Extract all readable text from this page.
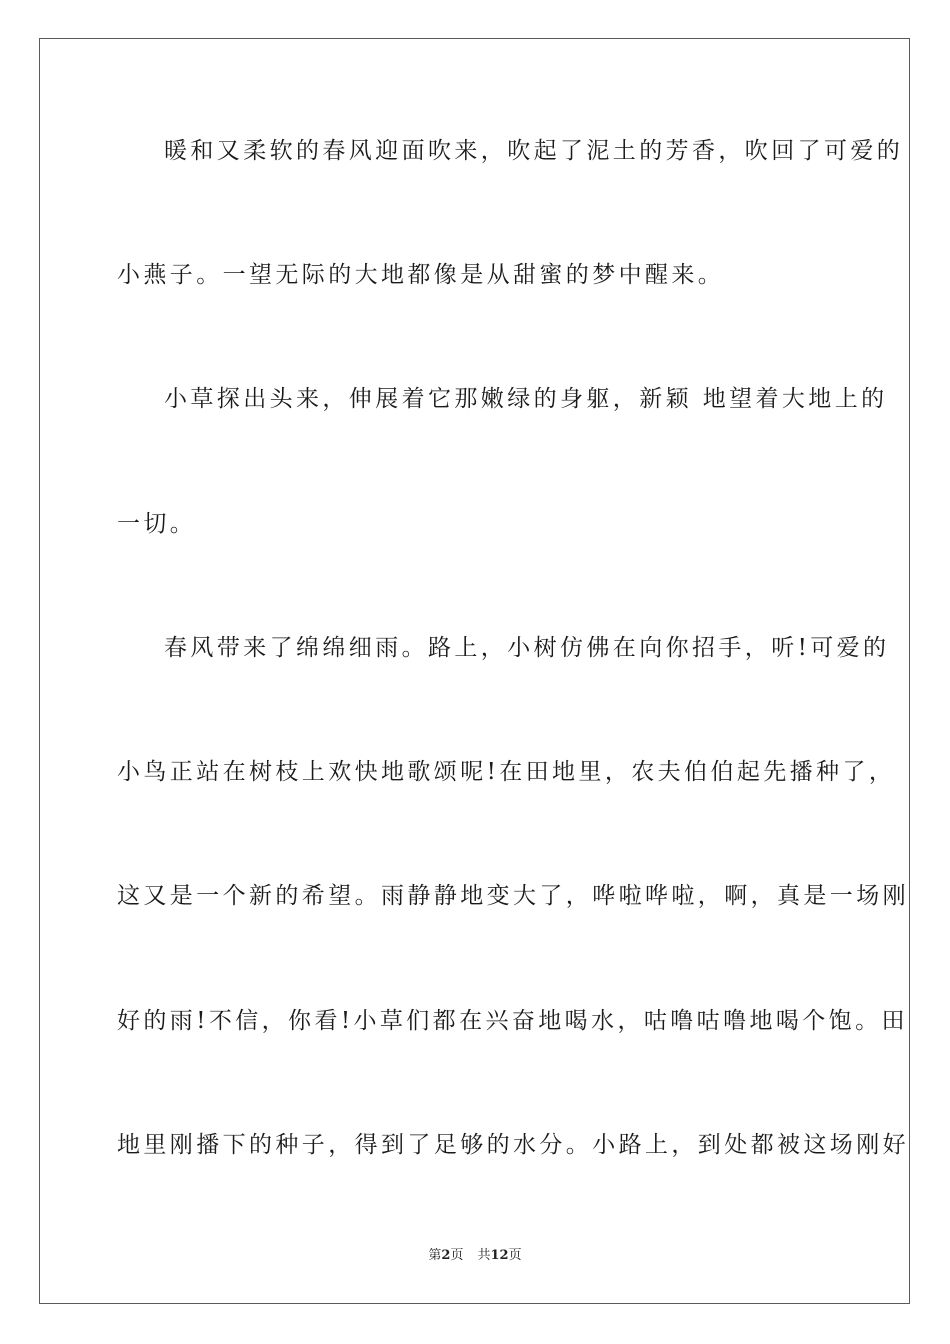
暖和又柔软的春风迎面吹来，吹起了泥土的芳香，吹回了可爱的
小燕子。一望无际的大地都像是从甜蜜的梦中醒来。
小草探出头来，伸展着它那嫩绿的身躯，新颖 地望着大地上的
一切。
春风带来了绵绵细雨。路上，小树仿佛在向你招手，听!可爱的
小鸟正站在树枝上欢快地歌颂呢!在田地里，农夫伯伯起先播种了，
这又是一个新的希望。雨静静地变大了，哗啦哗啦，啊，真是一场刚
好的雨!不信，你看!小草们都在兴奋地喝水，咕噜咕噜地喝个饱。田
地里刚播下的种子，得到了足够的水分。小路上，到处都被这场刚好
第2页 共12页
